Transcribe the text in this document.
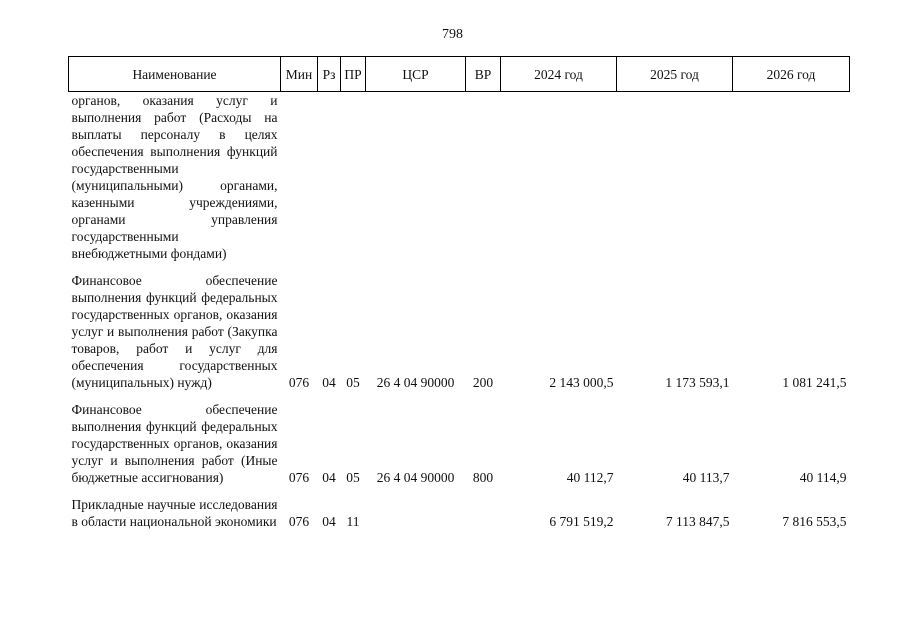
798
Наименование	Мин	Рз	ПР	ЦСР	ВР	2024 год	2025 год	2026 год
органов, оказания услуг и выполнения работ (Расходы на выплаты персоналу в целях обеспечения выполнения функций государственными (муниципальными) органами, казенными учреждениями, органами управления государственными внебюджетными фондами)								

Финансовое обеспечение выполнения функций федеральных государственных органов, оказания услуг и выполнения работ (Закупка товаров, работ и услуг для обеспечения государственных (муниципальных) нужд)	076	04	05	26 4 04 90000	200	2 143 000,5	1 173 593,1	1 081 241,5

Финансовое обеспечение выполнения функций федеральных государственных органов, оказания услуг и выполнения работ (Иные бюджетные ассигнования)	076	04	05	26 4 04 90000	800	40 112,7	40 113,7	40 114,9

Прикладные научные исследования в области национальной экономики	076	04	11			6 791 519,2	7 113 847,5	7 816 553,5
